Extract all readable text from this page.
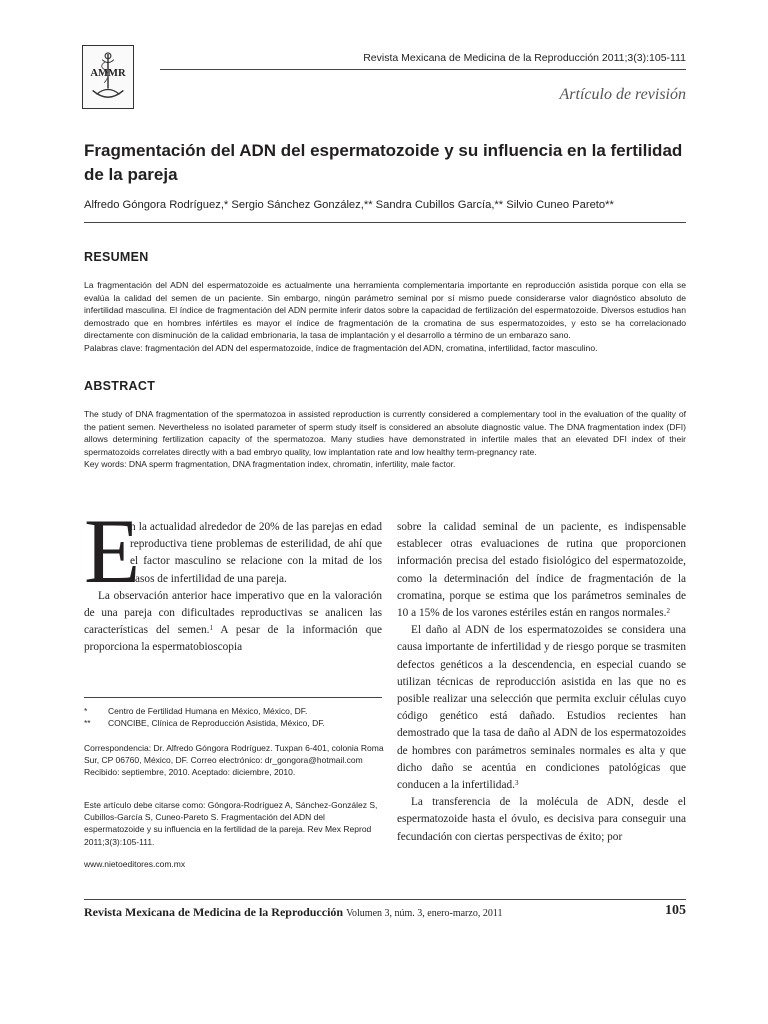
AMMR
Revista Mexicana de Medicina de la Reproducción 2011;3(3):105-111
Artículo de revisión
Fragmentación del ADN del espermatozoide y su influencia en la fertilidad de la pareja
Alfredo Góngora Rodríguez,* Sergio Sánchez González,** Sandra Cubillos García,** Silvio Cuneo Pareto**
RESUMEN

La fragmentación del ADN del espermatozoide es actualmente una herramienta complementaria importante en reproducción asistida porque con ella se evalúa la calidad del semen de un paciente. Sin embargo, ningún parámetro seminal por sí mismo puede considerarse valor diagnóstico absoluto de infertilidad masculina. El índice de fragmentación del ADN permite inferir datos sobre la capacidad de fertilización del espermatozoide. Diversos estudios han demostrado que en hombres infértiles es mayor el índice de fragmentación de la cromatina de sus espermatozoides, y esto se ha correlacionado directamente con disminución de la calidad embrionaria, la tasa de implantación y el desarrollo a término de un embarazo sano.

Palabras clave: fragmentación del ADN del espermatozoide, índice de fragmentación del ADN, cromatina, infertilidad, factor masculino.

ABSTRACT

The study of DNA fragmentation of the spermatozoa in assisted reproduction is currently considered a complementary tool in the evaluation of the quality of the patient semen. Nevertheless no isolated parameter of sperm study itself is considered an absolute diagnostic value. The DNA fragmentation index (DFI) allows determining fertilization capacity of the spermatozoa. Many studies have demonstrated in infertile males that an elevated DFI index of their spermatozoids correlates directly with a bad embryo quality, low implantation rate and low healthy term-pregnancy rate.

Key words: DNA sperm fragmentation, DNA fragmentation index, chromatin, infertility, male factor.

E

n la actualidad alrededor de 20% de las parejas en edad reproductiva tiene problemas de esterilidad, de ahí que el factor masculino se relacione con la mitad de los casos de infertilidad de una pareja.

La observación anterior hace imperativo que en la valoración de una pareja con dificultades reproductivas se analicen las características del semen.$^1$ A pesar de la información que proporciona la espermatobioscopia

*	Centro de Fertilidad Humana en México, México, DF.
**	CONCIBE, Clínica de Reproducción Asistida, México, DF.

Correspondencia: Dr. Alfredo Góngora Rodríguez. Tuxpan 6-401, colonia Roma Sur, CP 06760, México, DF. Correo electrónico: dr_gongora@hotmail.com

Recibido: septiembre, 2010. Aceptado: diciembre, 2010.

Este artículo debe citarse como: Góngora-Rodríguez A, Sánchez-González S, Cubillos-García S, Cuneo-Pareto S. Fragmentación del ADN del espermatozoide y su influencia en la fertilidad de la pareja. Rev Mex Reprod 2011;3(3):105-111.

www.nietoeditores.com.mx

sobre la calidad seminal de un paciente, es indispensable establecer otras evaluaciones de rutina que proporcionen información precisa del estado fisiológico del espermatozoide, como la determinación del índice de fragmentación de la cromatina, porque se estima que los parámetros seminales de 10 a 15% de los varones estériles están en rangos normales.$^2$

El daño al ADN de los espermatozoides se considera una causa importante de infertilidad y de riesgo porque se trasmiten defectos genéticos a la descendencia, en especial cuando se utilizan técnicas de reproducción asistida en las que no es posible realizar una selección que permita excluir células cuyo código genético está dañado. Estudios recientes han demostrado que la tasa de daño al ADN de los espermatozoides de hombres con parámetros seminales normales es alta y que dicho daño se acentúa en condiciones patológicas que conducen a la infertilidad.$^3$

La transferencia de la molécula de ADN, desde el espermatozoide hasta el óvulo, es decisiva para conseguir una fecundación con ciertas perspectivas de éxito; por

Revista Mexicana de Medicina de la Reproducción Volumen 3, núm. 3, enero-marzo, 2011	105
